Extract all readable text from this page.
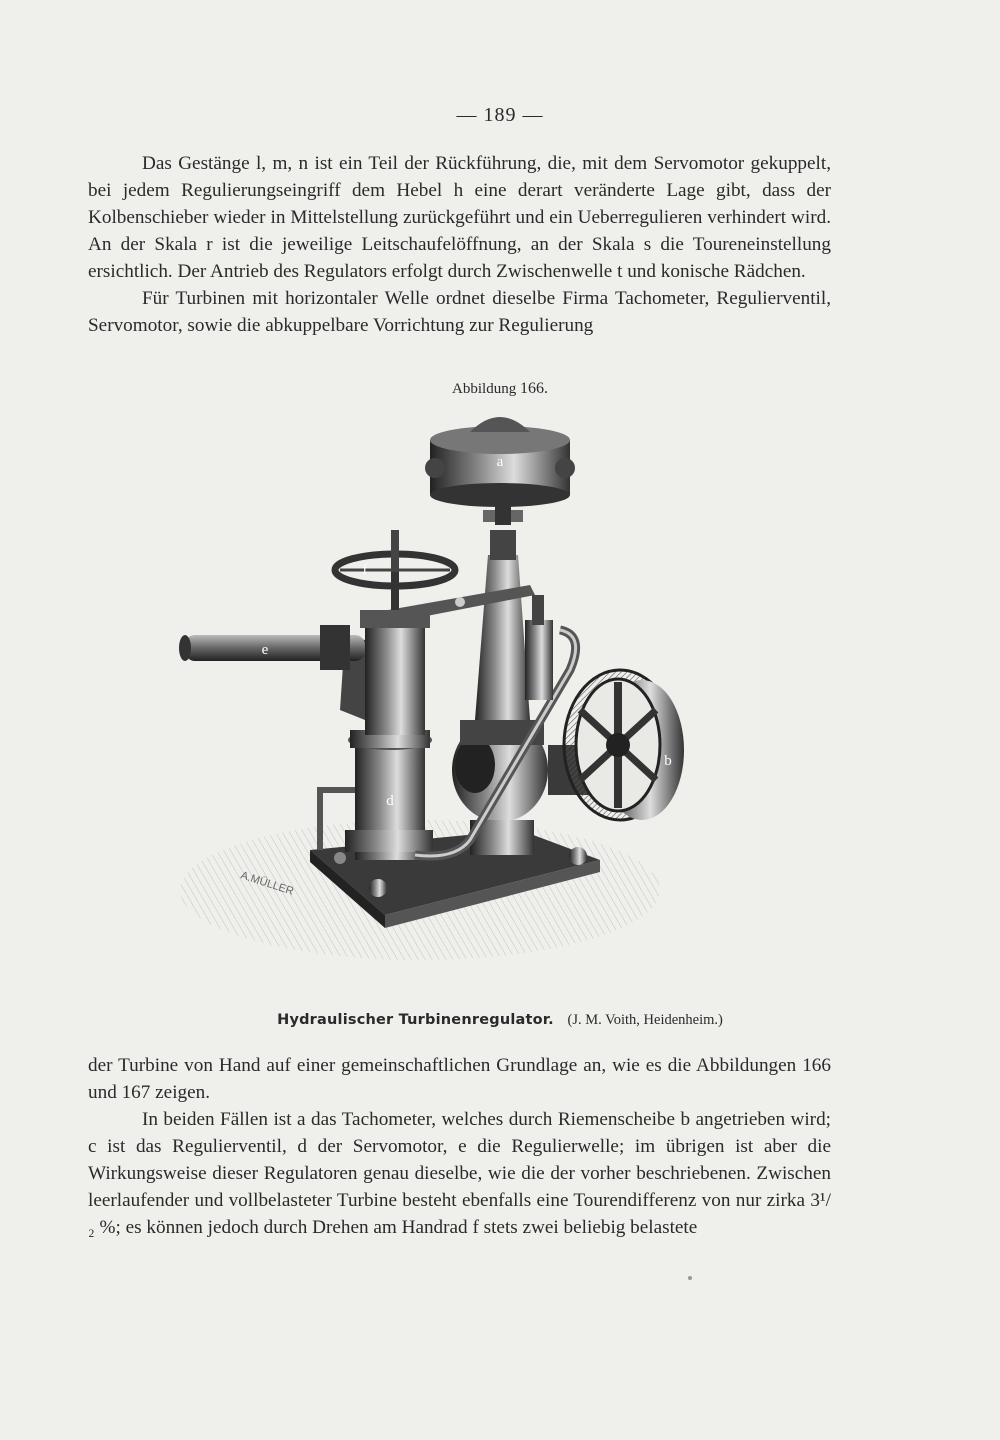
— 189 —

Das Gestänge l, m, n ist ein Teil der Rückführung, die, mit dem Servomotor gekuppelt, bei jedem Regulierungseingriff dem Hebel h eine derart veränderte Lage gibt, dass der Kolbenschieber wieder in Mittelstellung zurückgeführt und ein Ueberregulieren verhindert wird. An der Skala r ist die jeweilige Leitschaufelöffnung, an der Skala s die Toureneinstellung ersichtlich. Der Antrieb des Regulators erfolgt durch Zwischenwelle t und konische Rädchen.

Für Turbinen mit horizontaler Welle ordnet dieselbe Firma Tachometer, Regulierventil, Servomotor, sowie die abkuppelbare Vorrichtung zur Regulierung

Abbildung 166.
a
b
d
e
f
A.MÜLLER
Hydraulischer Turbinenregulator. (J. M. Voith, Heidenheim.)

der Turbine von Hand auf einer gemeinschaftlichen Grundlage an, wie es die Abbildungen 166 und 167 zeigen.

In beiden Fällen ist a das Tachometer, welches durch Riemenscheibe b angetrieben wird; c ist das Regulierventil, d der Servomotor, e die Regulierwelle; im übrigen ist aber die Wirkungsweise dieser Regulatoren genau dieselbe, wie die der vorher beschriebenen. Zwischen leerlaufender und vollbelasteter Turbine besteht ebenfalls eine Tourendifferenz von nur zirka 3¹/₂ %; es können jedoch durch Drehen am Handrad f stets zwei beliebig belastete
